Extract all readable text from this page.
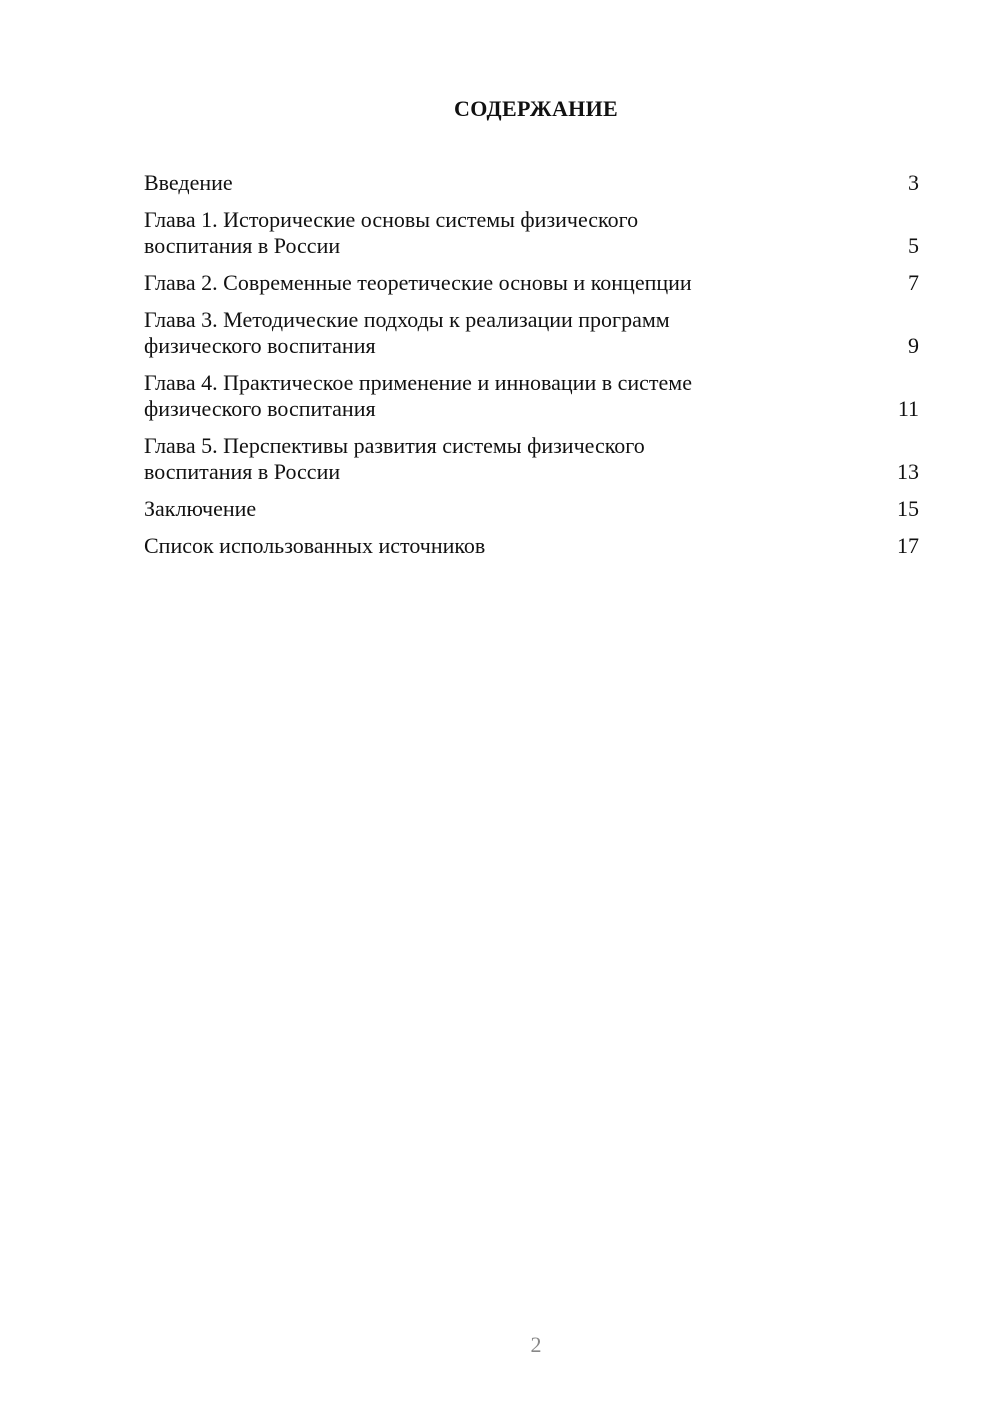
СОДЕРЖАНИЕ
Введение	3
Глава 1. Исторические основы системы физического
воспитания в России	5
Глава 2. Современные теоретические основы и концепции	7
Глава 3. Методические подходы к реализации программ
физического воспитания	9
Глава 4. Практическое применение и инновации в системе
физического воспитания	11
Глава 5. Перспективы развития системы физического
воспитания в России	13
Заключение	15
Список использованных источников	17
2
